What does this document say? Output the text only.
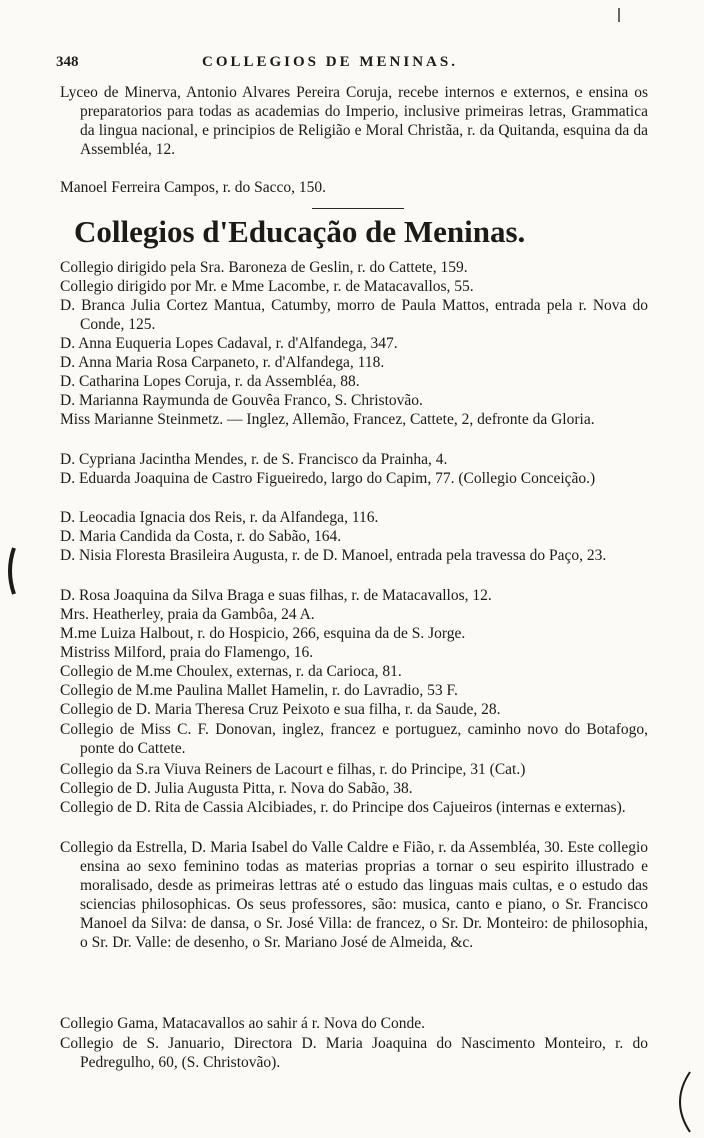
348	COLLEGIOS DE MENINAS.

Lyceo de Minerva, Antonio Alvares Pereira Coruja, recebe internos e externos, e ensina os preparatorios para todas as academias do Imperio, inclusive primeiras letras, Grammatica da lingua nacional, e principios de Religião e Moral Christãa, r. da Quitanda, esquina da da Assembléa, 12.

Manoel Ferreira Campos, r. do Sacco, 150.

Collegios d'Educação de Meninas.

Collegio dirigido pela Sra. Baroneza de Geslin, r. do Cattete, 159.

Collegio dirigido por Mr. e Mme Lacombe, r. de Matacavallos, 55.

D. Branca Julia Cortez Mantua, Catumby, morro de Paula Mattos, entrada pela r. Nova do Conde, 125.

D. Anna Euqueria Lopes Cadaval, r. d'Alfandega, 347.

D. Anna Maria Rosa Carpaneto, r. d'Alfandega, 118.

D. Catharina Lopes Coruja, r. da Assembléa, 88.

D. Marianna Raymunda de Gouvêa Franco, S. Christovão.

Miss Marianne Steinmetz. — Inglez, Allemão, Francez, Cattete, 2, defronte da Gloria.

D. Cypriana Jacintha Mendes, r. de S. Francisco da Prainha, 4.

D. Eduarda Joaquina de Castro Figueiredo, largo do Capim, 77. (Collegio Conceição.)

D. Leocadia Ignacia dos Reis, r. da Alfandega, 116.

D. Maria Candida da Costa, r. do Sabão, 164.

D. Nisia Floresta Brasileira Augusta, r. de D. Manoel, entrada pela travessa do Paço, 23.

D. Rosa Joaquina da Silva Braga e suas filhas, r. de Matacavallos, 12.

Mrs. Heatherley, praia da Gambôa, 24 A.

M.me Luiza Halbout, r. do Hospicio, 266, esquina da de S. Jorge.

Mistriss Milford, praia do Flamengo, 16.

Collegio de M.me Choulex, externas, r. da Carioca, 81.

Collegio de M.me Paulina Mallet Hamelin, r. do Lavradio, 53 F.

Collegio de D. Maria Theresa Cruz Peixoto e sua filha, r. da Saude, 28.

Collegio de Miss C. F. Donovan, inglez, francez e portuguez, caminho novo do Botafogo, ponte do Cattete.

Collegio da S.ra Viuva Reiners de Lacourt e filhas, r. do Principe, 31 (Cat.)

Collegio de D. Julia Augusta Pitta, r. Nova do Sabão, 38.

Collegio de D. Rita de Cassia Alcibiades, r. do Principe dos Cajueiros (internas e externas).

Collegio da Estrella, D. Maria Isabel do Valle Caldre e Fião, r. da Assembléa, 30. Este collegio ensina ao sexo feminino todas as materias proprias a tornar o seu espirito illustrado e moralisado, desde as primeiras lettras até o estudo das linguas mais cultas, e o estudo das sciencias philosophicas. Os seus professores, são: musica, canto e piano, o Sr. Francisco Manoel da Silva: de dansa, o Sr. José Villa: de francez, o Sr. Dr. Monteiro: de philosophia, o Sr. Dr. Valle: de desenho, o Sr. Mariano José de Almeida, &c.

Collegio Gama, Matacavallos ao sahir á r. Nova do Conde.

Collegio de S. Januario, Directora D. Maria Joaquina do Nascimento Monteiro, r. do Pedregulho, 60, (S. Christovão).
